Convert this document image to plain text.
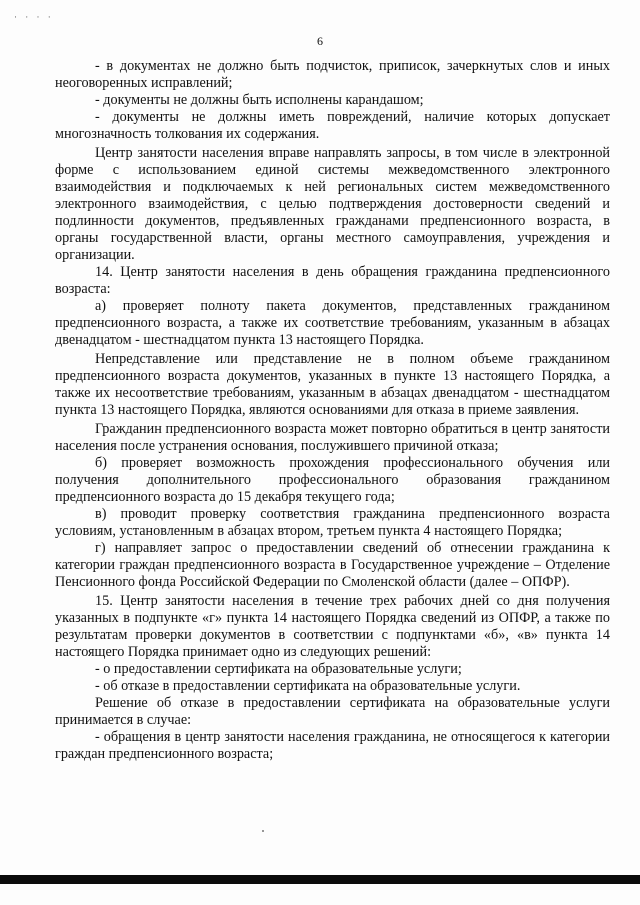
· · · ·
6

- в документах не должно быть подчисток, приписок, зачеркнутых слов и иных неоговоренных исправлений;

- документы не должны быть исполнены карандашом;

- документы не должны иметь повреждений, наличие которых допускает многозначность толкования их содержания.

Центр занятости населения вправе направлять запросы, в том числе в электронной форме с использованием единой системы межведомственного электронного взаимодействия и подключаемых к ней региональных систем межведомственного электронного взаимодействия, с целью подтверждения достоверности сведений и подлинности документов, предъявленных гражданами предпенсионного возраста, в органы государственной власти, органы местного самоуправления, учреждения и организации.

14. Центр занятости населения в день обращения гражданина предпенсионного возраста:

а) проверяет полноту пакета документов, представленных гражданином предпенсионного возраста, а также их соответствие требованиям, указанным в абзацах двенадцатом - шестнадцатом пункта 13 настоящего Порядка.

Непредставление или представление не в полном объеме гражданином предпенсионного возраста документов, указанных в пункте 13 настоящего Порядка, а также их несоответствие требованиям, указанным в абзацах двенадцатом - шестнадцатом пункта 13 настоящего Порядка, являются основаниями для отказа в приеме заявления.

Гражданин предпенсионного возраста может повторно обратиться в центр занятости населения после устранения основания, послужившего причиной отказа;

б) проверяет возможность прохождения профессионального обучения или получения дополнительного профессионального образования гражданином предпенсионного возраста до 15 декабря текущего года;

в) проводит проверку соответствия гражданина предпенсионного возраста условиям, установленным в абзацах втором, третьем пункта 4 настоящего Порядка;

г) направляет запрос о предоставлении сведений об отнесении гражданина к категории граждан предпенсионного возраста в Государственное учреждение – Отделение Пенсионного фонда Российской Федерации по Смоленской области (далее – ОПФР).

15. Центр занятости населения в течение трех рабочих дней со дня получения указанных в подпункте «г» пункта 14 настоящего Порядка сведений из ОПФР, а также по результатам проверки документов в соответствии с подпунктами «б», «в» пункта 14 настоящего Порядка принимает одно из следующих решений:

- о предоставлении сертификата на образовательные услуги;

- об отказе в предоставлении сертификата на образовательные услуги.

Решение об отказе в предоставлении сертификата на образовательные услуги принимается в случае:

- обращения в центр занятости населения гражданина, не относящегося к категории граждан предпенсионного возраста;
